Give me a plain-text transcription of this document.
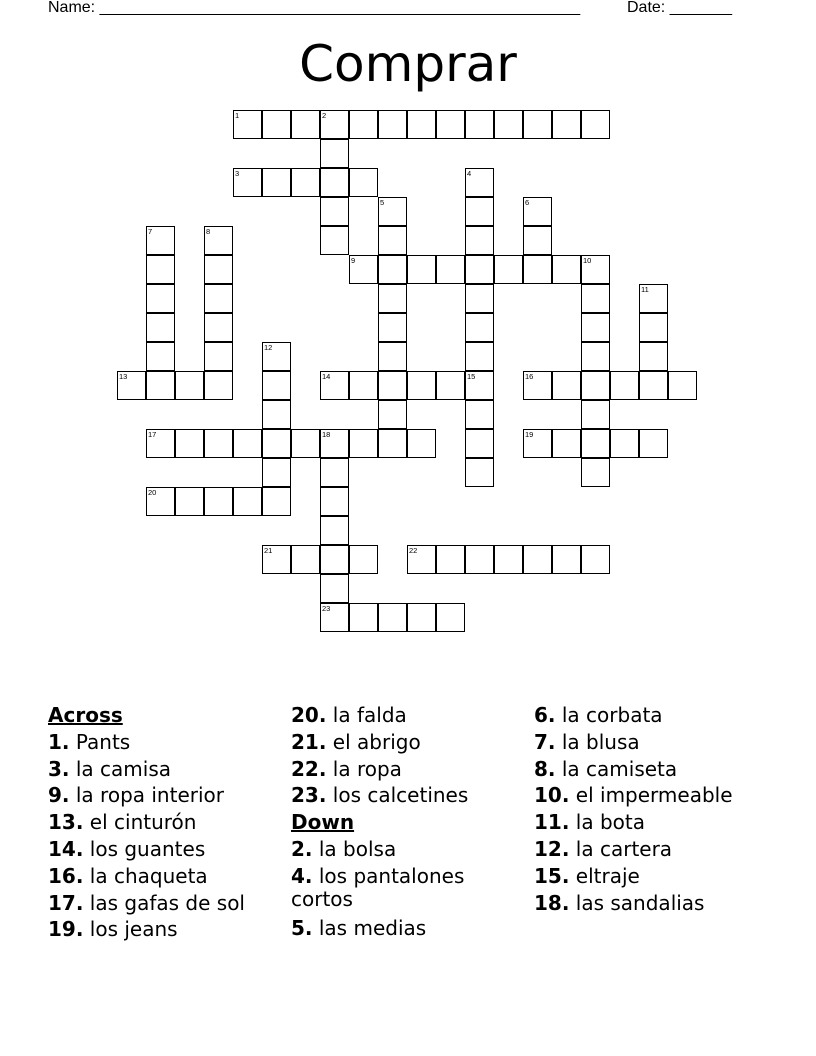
Name: ______________________________________________________	Date: _______
Comprar
1	2
3	4
5	6
7	8
9	10
11
12
13	14	15	16
17	18
23
19
20
21	22
Across
1. Pants
3. la camisa
9. la ropa interior
13. el cinturón
14. los guantes
16. la chaqueta
17. las gafas de sol
19. los jeans
20. la falda
21. el abrigo
22. la ropa
23. los calcetines
Down
2. la bolsa
4. los pantalones cortos
5. las medias
6. la corbata
7. la blusa
8. la camiseta
10. el impermeable
11. la bota
12. la cartera
15. eltraje
18. las sandalias
